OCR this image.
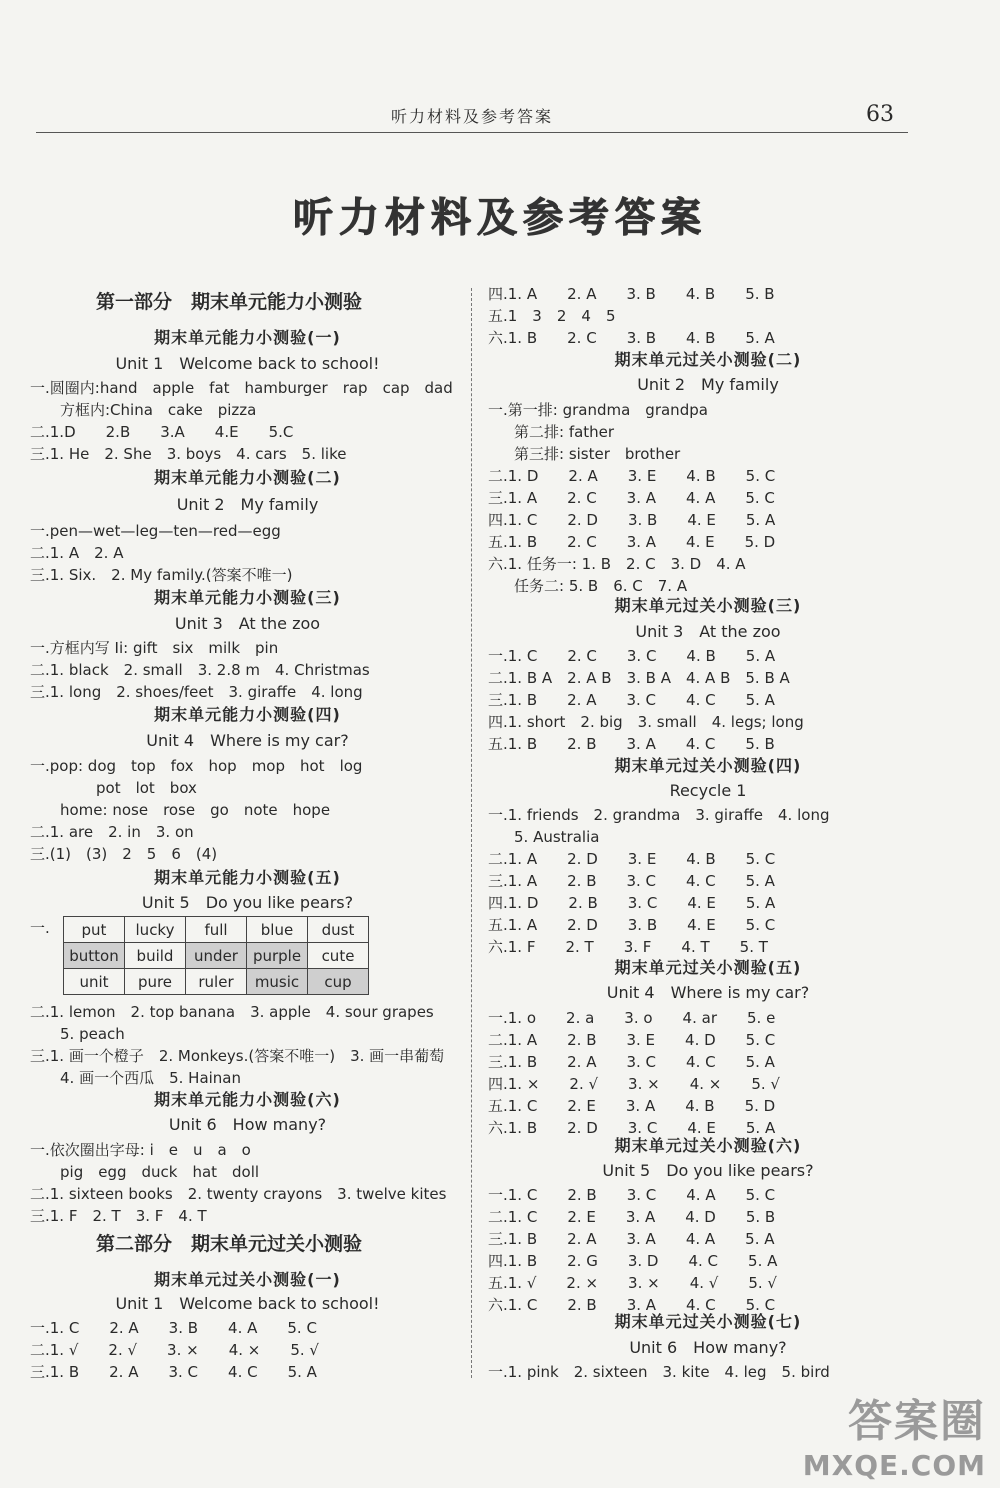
听力材料及参考答案	63
听力材料及参考答案
第一部分　期末单元能力小测验
期末单元能力小测验(一)
Unit 1　Welcome back to school!
一.圆圈内:hand　apple　fat　hamburger　rap　cap　dad
方框内:China　cake　pizza
二.1.D　　2.B　　3.A　　4.E　　5.C
三.1. He　2. She　3. boys　4. cars　5. like
期末单元能力小测验(二)
Unit 2　My family
一.pen—wet—leg—ten—red—egg
二.1. A　2. A
三.1. Six.　2. My family.(答案不唯一)
期末单元能力小测验(三)
Unit 3　At the zoo
一.方框内写 Ii: gift　six　milk　pin
二.1. black　2. small　3. 2.8 m　4. Christmas
三.1. long　2. shoes/feet　3. giraffe　4. long
期末单元能力小测验(四)
Unit 4　Where is my car?
一.pop: dog　top　fox　hop　mop　hot　log
pot　lot　box
home: nose　rose　go　note　hope
二.1. are　2. in　3. on
三.(1)　(3)　2　5　6　(4)
期末单元能力小测验(五)
Unit 5　Do you like pears?
一. put	lucky	full	blue	dust
button	build	under	purple	cute
unit	pure	ruler	music	cup
二.1. lemon　2. top banana　3. apple　4. sour grapes
5. peach
三.1. 画一个橙子　2. Monkeys.(答案不唯一)　3. 画一串葡萄
4. 画一个西瓜　5. Hainan
期末单元能力小测验(六)
Unit 6　How many?
一.依次圈出字母: i　e　u　a　o
pig　egg　duck　hat　doll
二.1. sixteen books　2. twenty crayons　3. twelve kites
三.1. F　2. T　3. F　4. T
第二部分　期末单元过关小测验
期末单元过关小测验(一)
Unit 1　Welcome back to school!
一.1. C　　2. A　　3. B　　4. A　　5. C
二.1. √　　2. √　　3. ×　　4. ×　　5. √
三.1. B　　2. A　　3. C　　4. C　　5. A
四.1. A　　2. A　　3. B　　4. B　　5. B
五.1　3　2　4　5
六.1. B　　2. C　　3. B　　4. B　　5. A
期末单元过关小测验(二)
Unit 2　My family
一.第一排: grandma　grandpa
第二排: father
第三排: sister　brother
二.1. D　　2. A　　3. E　　4. B　　5. C
三.1. A　　2. C　　3. A　　4. A　　5. C
四.1. C　　2. D　　3. B　　4. E　　5. A
五.1. B　　2. C　　3. A　　4. E　　5. D
六.1. 任务一: 1. B　2. C　3. D　4. A
任务二: 5. B　6. C　7. A
期末单元过关小测验(三)
Unit 3　At the zoo
一.1. C　　2. C　　3. C　　4. B　　5. A
二.1. B A　2. A B　3. B A　4. A B　5. B A
三.1. B　　2. A　　3. C　　4. C　　5. A
四.1. short　2. big　3. small　4. legs; long
五.1. B　　2. B　　3. A　　4. C　　5. B
期末单元过关小测验(四)
Recycle 1
一.1. friends　2. grandma　3. giraffe　4. long
5. Australia
二.1. A　　2. D　　3. E　　4. B　　5. C
三.1. A　　2. B　　3. C　　4. C　　5. A
四.1. D　　2. B　　3. C　　4. E　　5. A
五.1. A　　2. D　　3. B　　4. E　　5. C
六.1. F　　2. T　　3. F　　4. T　　5. T
期末单元过关小测验(五)
Unit 4　Where is my car?
一.1. o　　2. a　　3. o　　4. ar　　5. e
二.1. A　　2. B　　3. E　　4. D　　5. C
三.1. B　　2. A　　3. C　　4. C　　5. A
四.1. ×　　2. √　　3. ×　　4. ×　　5. √
五.1. C　　2. E　　3. A　　4. B　　5. D
六.1. B　　2. D　　3. C　　4. E　　5. A
期末单元过关小测验(六)
Unit 5　Do you like pears?
一.1. C　　2. B　　3. C　　4. A　　5. C
二.1. C　　2. E　　3. A　　4. D　　5. B
三.1. B　　2. A　　3. A　　4. A　　5. A
四.1. B　　2. G　　3. D　　4. C　　5. A
五.1. √　　2. ×　　3. ×　　4. √　　5. √
六.1. C　　2. B　　3. A　　4. C　　5. C
期末单元过关小测验(七)
Unit 6　How many?
一.1. pink　2. sixteen　3. kite　4. leg　5. bird
答案圈
MXQE.COM
